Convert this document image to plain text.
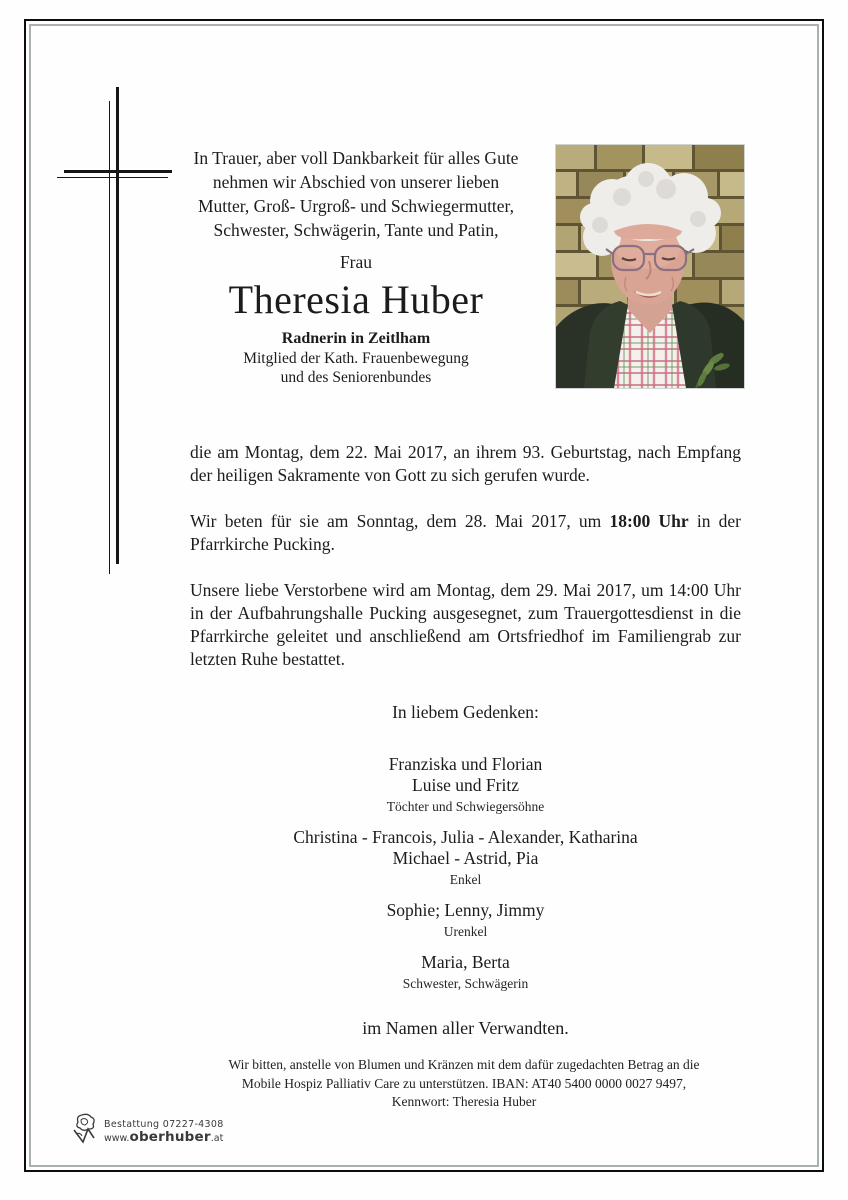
In Trauer, aber voll Dankbarkeit für alles Gute
nehmen wir Abschied von unserer lieben
Mutter, Groß- Urgroß- und Schwiegermutter,
Schwester, Schwägerin, Tante und Patin,
Frau
Theresia Huber
Radnerin in Zeitlham
Mitglied der Kath. Frauenbewegung
und des Seniorenbundes

die am Montag, dem 22. Mai 2017, an ihrem 93. Geburtstag, nach Empfang der heiligen Sakramente von Gott zu sich gerufen wurde.

Wir beten für sie am Sonntag, dem 28. Mai 2017, um 18:00 Uhr in der Pfarrkirche Pucking.

Unsere liebe Verstorbene wird am Montag, dem 29. Mai 2017, um 14:00 Uhr in der Aufbahrungshalle Pucking ausgesegnet, zum Trauergottesdienst in die Pfarrkirche geleitet und anschließend am Ortsfriedhof im Familiengrab zur letzten Ruhe bestattet.

In liebem Gedenken:
Franziska und Florian
Luise und Fritz
Töchter und Schwiegersöhne
Christina - Francois, Julia - Alexander, Katharina
Michael - Astrid, Pia
Enkel
Sophie; Lenny, Jimmy
Urenkel
Maria, Berta
Schwester, Schwägerin
im Namen aller Verwandten.
Wir bitten, anstelle von Blumen und Kränzen mit dem dafür zugedachten Betrag an die
Mobile Hospiz Palliativ Care zu unterstützen. IBAN: AT40 5400 0000 0027 9497,
Kennwort: Theresia Huber
Bestattung 07227-4308
www.oberhuber.at
